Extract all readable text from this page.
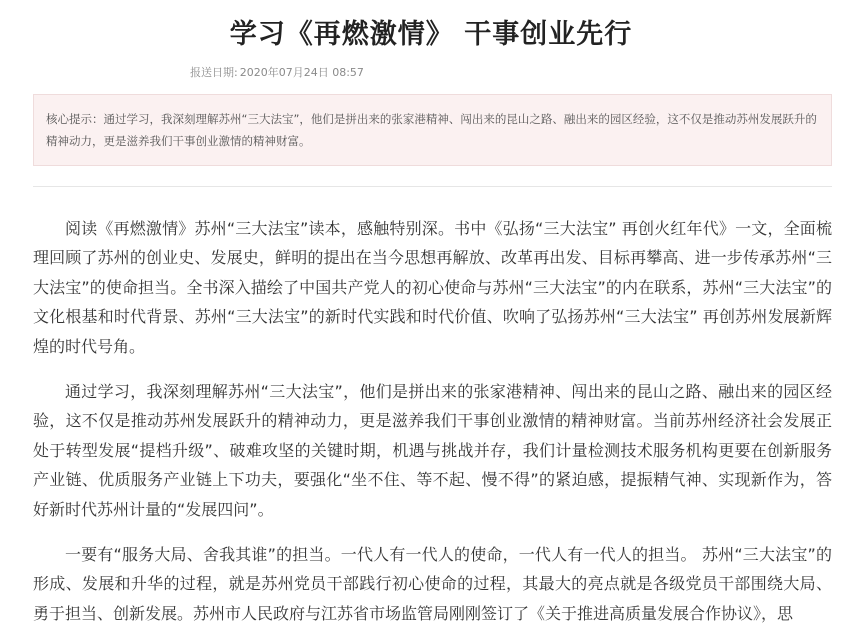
学习《再燃激情》 干事创业先行
报送日期: 2020年07月24日 08:57
核心提示：通过学习，我深刻理解苏州“三大法宝”，他们是拼出来的张家港精神、闯出来的昆山之路、融出来的园区经验，这不仅是推动苏州发展跃升的精神动力，更是滋养我们干事创业激情的精神财富。

阅读《再燃激情》苏州“三大法宝”读本，感触特别深。书中《弘扬“三大法宝” 再创火红年代》一文，全面梳理回顾了苏州的创业史、发展史，鲜明的提出在当今思想再解放、改革再出发、目标再攀高、进一步传承苏州“三大法宝”的使命担当。全书深入描绘了中国共产党人的初心使命与苏州“三大法宝”的内在联系，苏州“三大法宝”的文化根基和时代背景、苏州“三大法宝”的新时代实践和时代价值、吹响了弘扬苏州“三大法宝” 再创苏州发展新辉煌的时代号角。

通过学习，我深刻理解苏州“三大法宝”，他们是拼出来的张家港精神、闯出来的昆山之路、融出来的园区经验，这不仅是推动苏州发展跃升的精神动力，更是滋养我们干事创业激情的精神财富。当前苏州经济社会发展正处于转型发展“提档升级”、破难攻坚的关键时期，机遇与挑战并存，我们计量检测技术服务机构更要在创新服务产业链、优质服务产业链上下功夫，要强化“坐不住、等不起、慢不得”的紧迫感，提振精气神、实现新作为，答好新时代苏州计量的“发展四问”。

一要有“服务大局、舍我其谁”的担当。一代人有一代人的使命，一代人有一代人的担当。 苏州“三大法宝”的形成、发展和升华的过程，就是苏州党员干部践行初心使命的过程，其最大的亮点就是各级党员干部围绕大局、勇于担当、创新发展。苏州市人民政府与江苏省市场监管局刚刚签订了《关于推进高质量发展合作协议》，思
